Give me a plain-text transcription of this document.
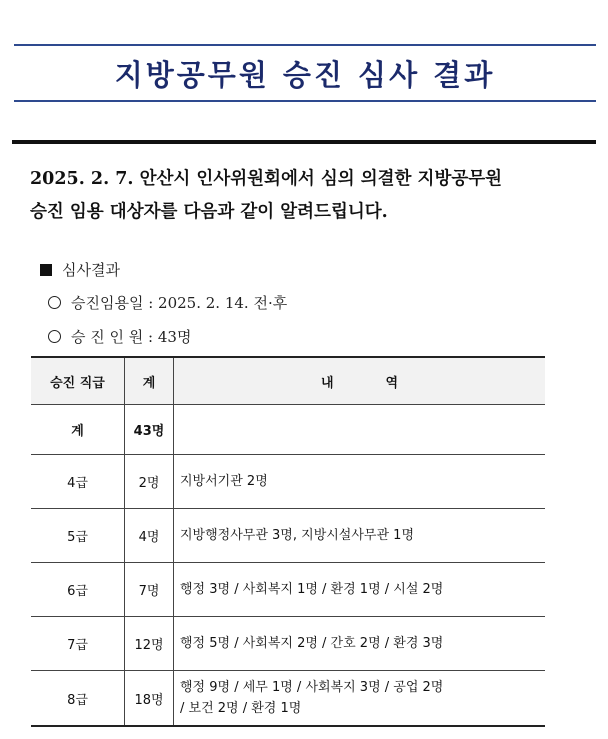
지방공무원 승진 심사 결과
2025. 2. 7. 안산시 인사위원회에서 심의 의결한 지방공무원
승진 임용 대상자를 다음과 같이 알려드립니다.
심사결과
승진임용일 : 2025. 2. 14. 전·후
승 진 인 원 : 43명
승진 직급	계	내 역
계	43명	
4급	2명	지방서기관 2명

5급	4명	지방행정사무관 3명, 지방시설사무관 1명

6급	7명	행정 3명 / 사회복지 1명 / 환경 1명 / 시설 2명

7급	12명	행정 5명 / 사회복지 2명 / 간호 2명 / 환경 3명

8급	18명	행정 9명 / 세무 1명 / 사회복지 3명 / 공업 2명
/ 보건 2명 / 환경 1명
